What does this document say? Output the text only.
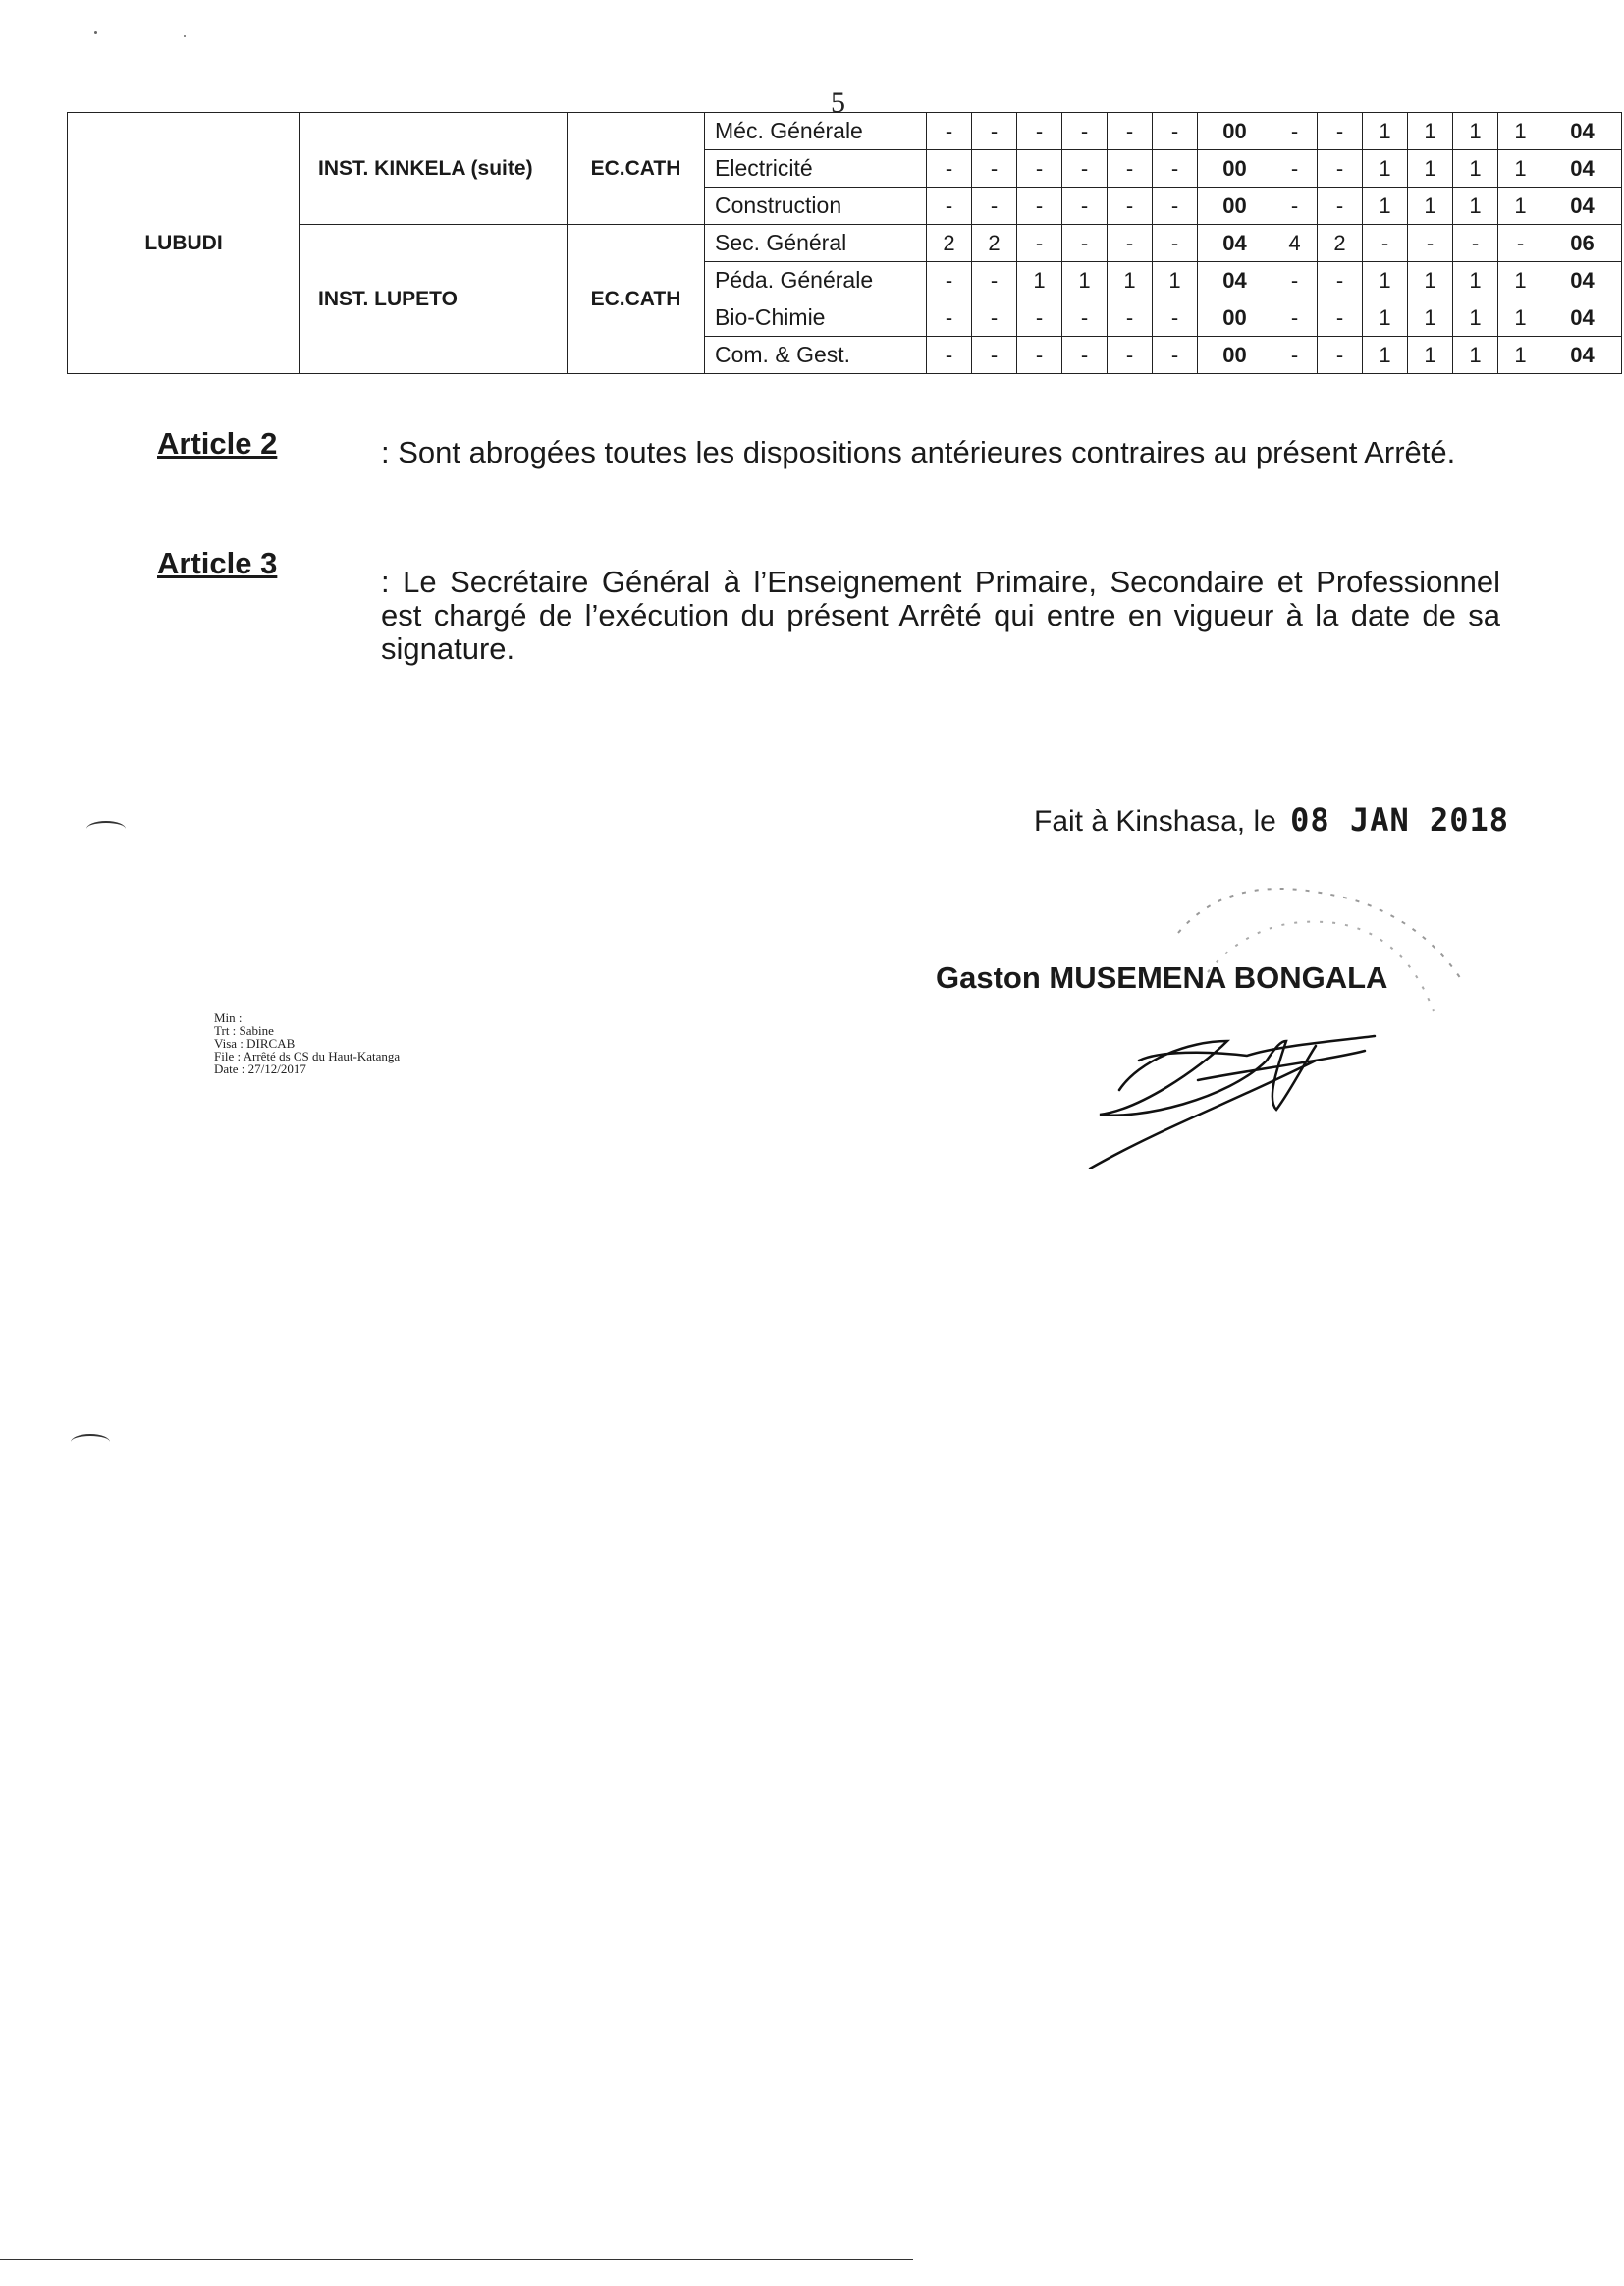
5
LUBUDI	INST. KINKELA (suite)	EC.CATH	Méc. Générale	-	-	-	-	-	-	00	-	-	1	1	1	1	04
			Electricité	-	-	-	-	-	-	00	-	-	1	1	1	1	04
			Construction	-	-	-	-	-	-	00	-	-	1	1	1	1	04
	INST. LUPETO	EC.CATH	Sec. Général	2	2	-	-	-	-	04	4	2	-	-	-	-	06
			Péda. Générale	-	-	1	1	1	1	04	-	-	1	1	1	1	04
			Bio-Chimie	-	-	-	-	-	-	00	-	-	1	1	1	1	04
			Com. & Gest.	-	-	-	-	-	-	00	-	-	1	1	1	1	04
Article 2	: Sont abrogées toutes les dispositions antérieures contraires au présent Arrêté.
Article 3
: Le Secrétaire Général à l’Enseignement Primaire, Secondaire et Professionnel est chargé de l’exécution du présent Arrêté qui entre en vigueur à la date de sa signature.
Fait à Kinshasa, le 08 JAN 2018
Gaston MUSEMENA BONGALA
Min :
Trt : Sabine
Visa : DIRCAB
File : Arrêté ds CS du Haut-Katanga
Date : 27/12/2017
